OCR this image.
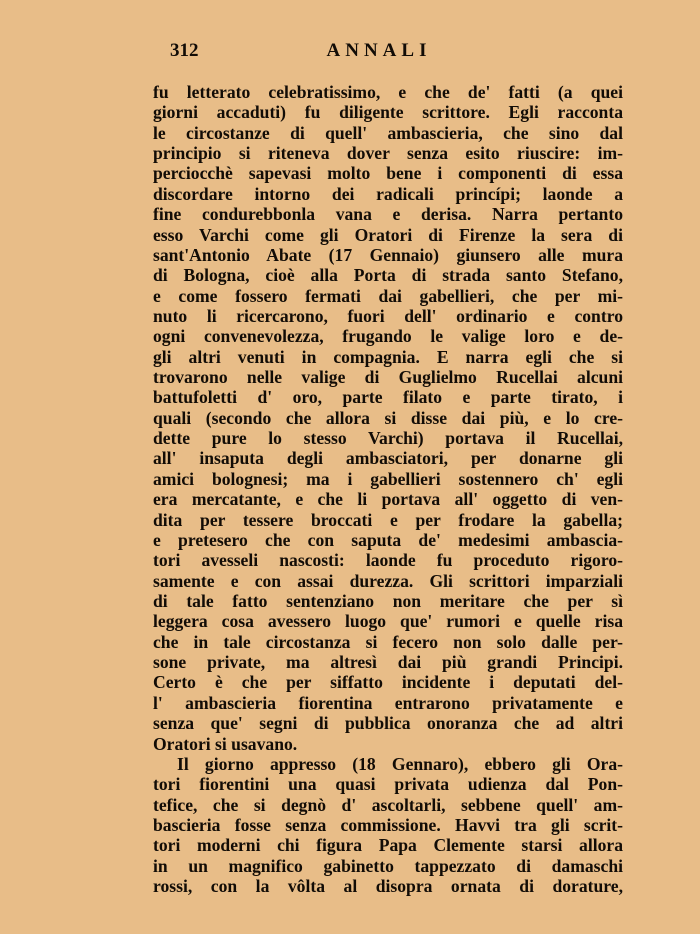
312	ANNALI
fu letterato celebratissimo, e che de' fatti (a quei
giorni accaduti) fu diligente scrittore. Egli racconta
le circostanze di quell' ambascieria, che sino dal
principio si riteneva dover senza esito riuscire: im-
perciocchè sapevasi molto bene i componenti di essa
discordare intorno dei radicali princípi; laonde a
fine condurebbonla vana e derisa. Narra pertanto
esso Varchi come gli Oratori di Firenze la sera di
sant'Antonio Abate (17 Gennaio) giunsero alle mura
di Bologna, cioè alla Porta di strada santo Stefano,
e come fossero fermati dai gabellieri, che per mi-
nuto li ricercarono, fuori dell' ordinario e contro
ogni convenevolezza, frugando le valige loro e de-
gli altri venuti in compagnia. E narra egli che si
trovarono nelle valige di Guglielmo Rucellai alcuni
battufoletti d' oro, parte filato e parte tirato, i
quali (secondo che allora si disse dai più, e lo cre-
dette pure lo stesso Varchi) portava il Rucellai,
all' insaputa degli ambasciatori, per donarne gli
amici bolognesi; ma i gabellieri sostennero ch' egli
era mercatante, e che li portava all' oggetto di ven-
dita per tessere broccati e per frodare la gabella;
e pretesero che con saputa de' medesimi ambascia-
tori avesseli nascosti: laonde fu proceduto rigoro-
samente e con assai durezza. Gli scrittori imparziali
di tale fatto sentenziano non meritare che per sì
leggera cosa avessero luogo que' rumori e quelle risa
che in tale circostanza si fecero non solo dalle per-
sone private, ma altresì dai più grandi Principi.
Certo è che per siffatto incidente i deputati del-
l' ambascieria fiorentina entrarono privatamente e
senza que' segni di pubblica onoranza che ad altri
Oratori si usavano.
Il giorno appresso (18 Gennaro), ebbero gli Ora-
tori fiorentini una quasi privata udienza dal Pon-
tefice, che si degnò d' ascoltarli, sebbene quell' am-
bascieria fosse senza commissione. Havvi tra gli scrit-
tori moderni chi figura Papa Clemente starsi allora
in un magnifico gabinetto tappezzato di damaschi
rossi, con la vôlta al disopra ornata di dorature,
